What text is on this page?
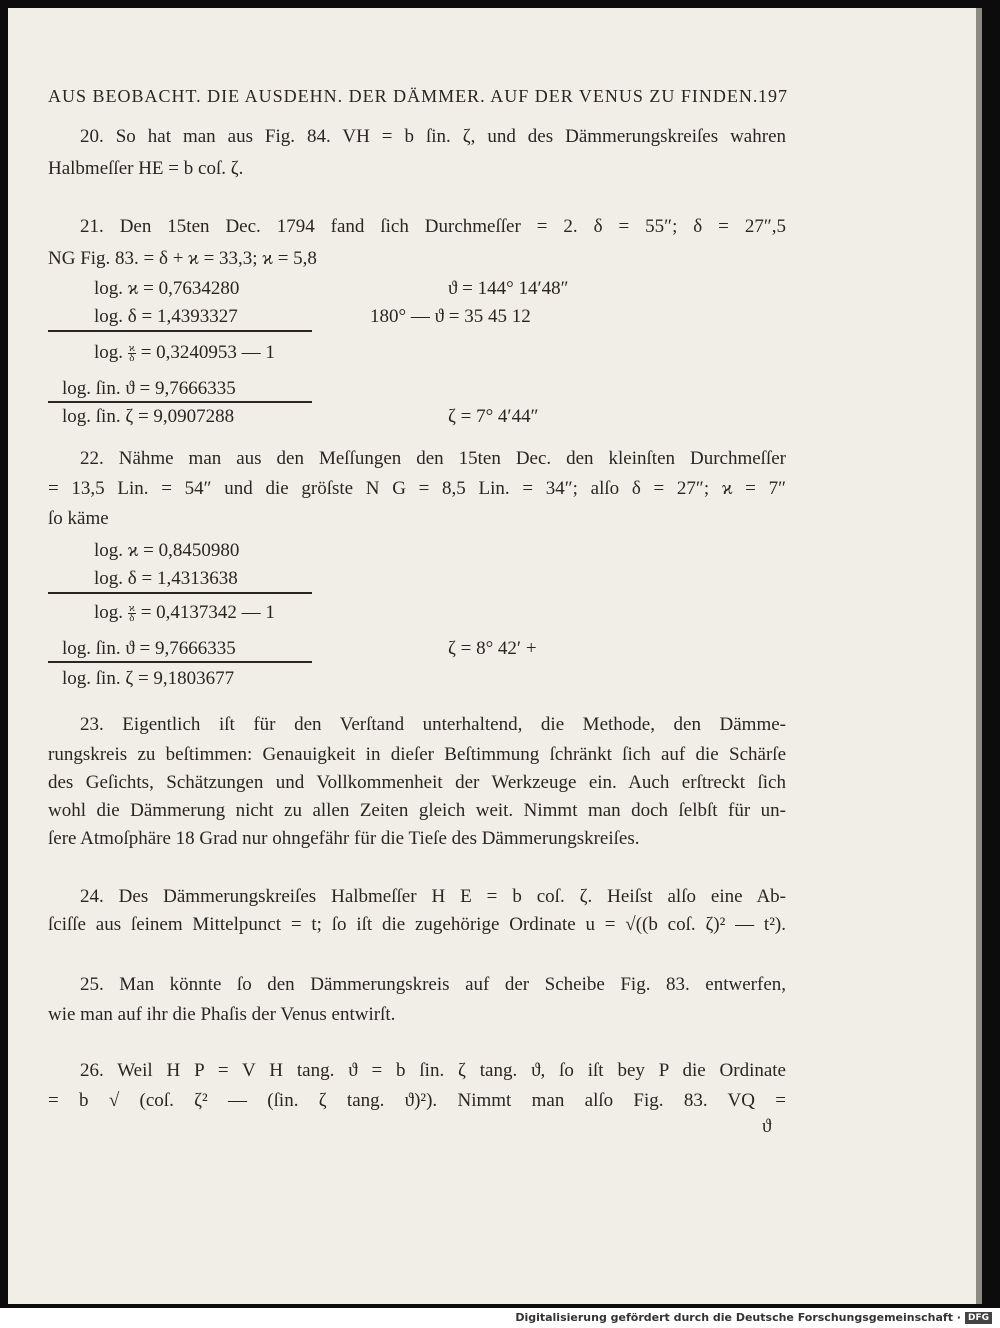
AUS BEOBACHT. DIE AUSDEHN. DER DÄMMER. AUF DER VENUS ZU FINDEN. 197
20. So hat man aus Fig. 84. VH = b ſin. ζ, und des Dämmerungskreiſes wahren
Halbmeſſer HE = b coſ. ζ.
21. Den 15ten Dec. 1794 fand ſich Durchmeſſer = 2. δ = 55″; δ = 27″,5
NG Fig. 83. = δ + ϰ = 33,3; ϰ = 5,8
log. ϰ = 0,7634280	ϑ = 144° 14′48″
log. δ = 1,4393327	180° — ϑ = 35 45 12
log. $\frac{ϰ}{\delta} = 0,3240953$ — 1
log. ſin. ϑ = 9,7666335
log. ſin. ζ = 9,0907288	ζ = 7° 4′44″
22. Nähme man aus den Meſſungen den 15ten Dec. den kleinſten Durchmeſſer
= 13,5 Lin. = 54″ und die gröſste N G = 8,5 Lin. = 34″; alſo δ = 27″; ϰ = 7″
ſo käme
log. ϰ = 0,8450980
log. δ = 1,4313638
log. $\frac{ϰ}{\delta} = 0,4137342$ — 1
log. ſin. ϑ = 9,7666335	ζ = 8° 42′ +
log. ſin. ζ = 9,1803677
23. Eigentlich iſt für den Verſtand unterhaltend, die Methode, den Dämme-
rungskreis zu beſtimmen: Genauigkeit in dieſer Beſtimmung ſchränkt ſich auf die Schärſe
des Geſichts, Schätzungen und Vollkommenheit der Werkzeuge ein. Auch erſtreckt ſich
wohl die Dämmerung nicht zu allen Zeiten gleich weit. Nimmt man doch ſelbſt für un-
ſere Atmoſphäre 18 Grad nur ohngefähr für die Tieſe des Dämmerungskreiſes.
24. Des Dämmerungskreiſes Halbmeſſer H E = b coſ. ζ. Heiſst alſo eine Ab-
ſciſſe aus ſeinem Mittelpunct = t; ſo iſt die zugehörige Ordinate u = √((b coſ. ζ)² — t²).
25. Man könnte ſo den Dämmerungskreis auf der Scheibe Fig. 83. entwerfen,
wie man auf ihr die Phaſis der Venus entwirſt.
26. Weil H P = V H tang. ϑ = b ſin. ζ tang. ϑ, ſo iſt bey P die Ordinate
= b √ (coſ. ζ² — (ſin. ζ tang. ϑ)²). Nimmt man alſo Fig. 83. VQ =
ϑ
Digitalisierung gefördert durch die Deutsche Forschungsgemeinschaft · DFG
